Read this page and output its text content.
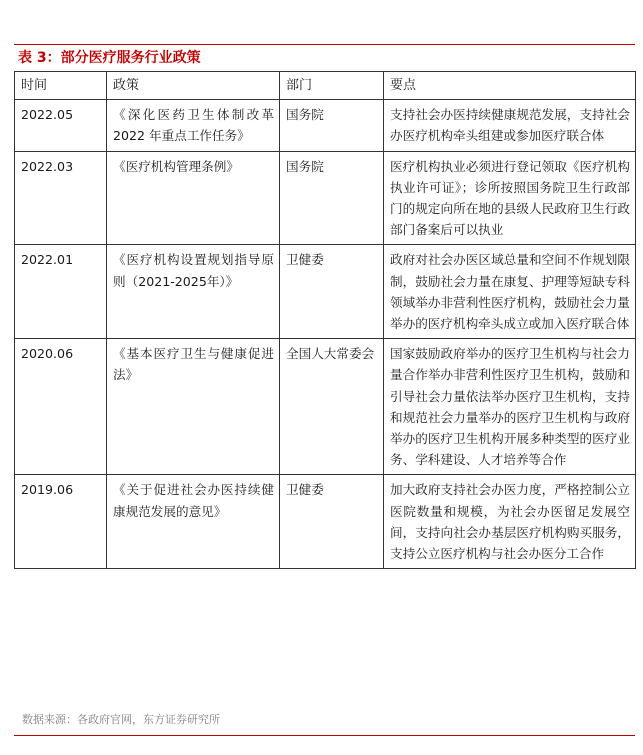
表 3：部分医疗服务行业政策
时间	政策	部门	要点
2022.05	《深化医药卫生体制改革 2022 年重点工作任务》	国务院	支持社会办医持续健康规范发展，支持社会办医疗机构牵头组建或参加医疗联合体
2022.03	《医疗机构管理条例》	国务院	医疗机构执业必须进行登记领取《医疗机构执业许可证》；诊所按照国务院卫生行政部门的规定向所在地的县级人民政府卫生行政部门备案后可以执业
2022.01	《医疗机构设置规划指导原则（2021-2025年）》	卫健委	政府对社会办医区域总量和空间不作规划限制，鼓励社会力量在康复、护理等短缺专科领域举办非营利性医疗机构，鼓励社会力量举办的医疗机构牵头成立或加入医疗联合体
2020.06	《基本医疗卫生与健康促进法》	全国人大常委会	国家鼓励政府举办的医疗卫生机构与社会力量合作举办非营利性医疗卫生机构，鼓励和引导社会力量依法举办医疗卫生机构，支持和规范社会力量举办的医疗卫生机构与政府举办的医疗卫生机构开展多种类型的医疗业务、学科建设、人才培养等合作
2019.06	《关于促进社会办医持续健康规范发展的意见》	卫健委	加大政府支持社会办医力度，严格控制公立医院数量和规模，为社会办医留足发展空间，支持向社会办基层医疗机构购买服务，支持公立医疗机构与社会办医分工合作
数据来源：各政府官网，东方证券研究所
